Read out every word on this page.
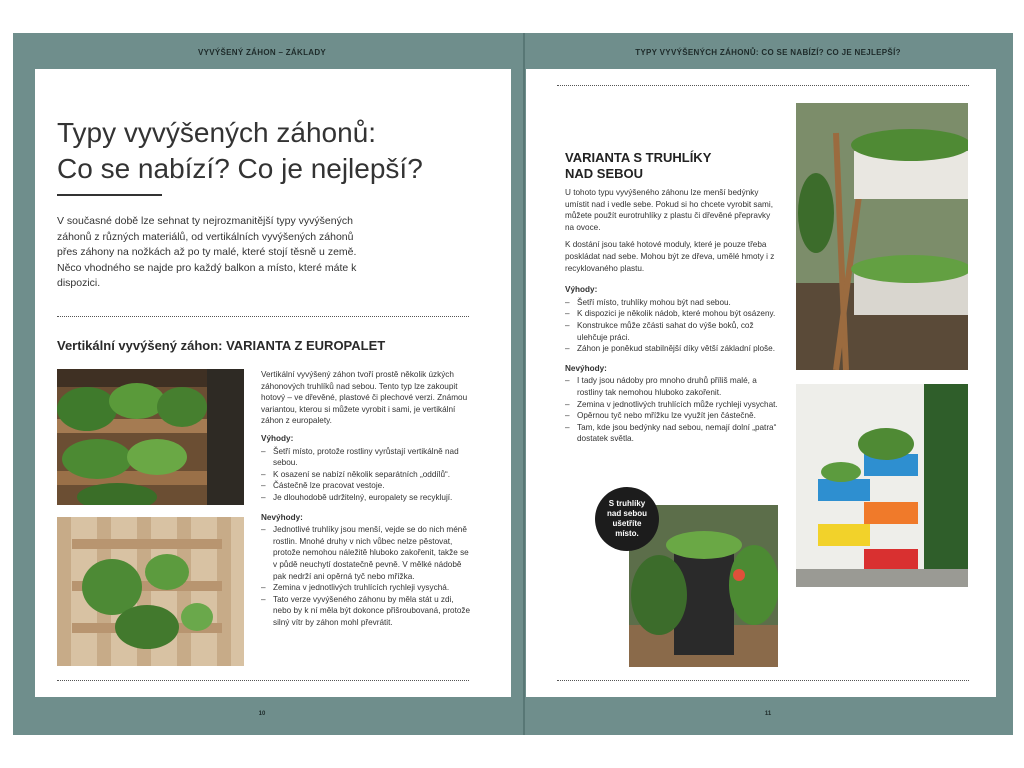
VYVÝŠENÝ ZÁHON – ZÁKLADY	TYPY VYVÝŠENÝCH ZÁHONŮ: CO SE NABÍZÍ? CO JE NEJLEPŠÍ?
10	11
Typy vyvýšených záhonů:
Co se nabízí? Co je nejlepší?
V současné době lze sehnat ty nejrozmanitější typy vyvýšených záhonů z různých materiálů, od vertikálních vyvýšených záhonů přes záhony na nožkách až po ty malé, které stojí těsně u země. Něco vhodného se najde pro každý balkon a místo, které máte k dispozici.
Vertikální vyvýšený záhon: VARIANTA Z EUROPALET

Vertikální vyvýšený záhon tvoří prostě několik úzkých záhonových truhlíků nad sebou. Tento typ lze zakoupit hotový – ve dřevěné, plastové či plechové verzi. Známou variantou, kterou si můžete vyrobit i sami, je vertikální záhon z europalety.

Výhody:
– Šetří místo, protože rostliny vyrůstají vertikálně nad sebou.
– K osazení se nabízí několik separátních „oddílů“.
– Částečně lze pracovat vestoje.
– Je dlouhodobě udržitelný, europalety se recyklují.
Nevýhody:
– Jednotlivé truhlíky jsou menší, vejde se do nich méně rostlin. Mnohé druhy v nich vůbec nelze pěstovat, protože nemohou náležitě hluboko zakořenit, takže se v půdě neuchytí dostatečně pevně. V mělké nádobě pak nedrží ani opěrná tyč nebo mřížka.
– Zemina v jednotlivých truhlících rychleji vysychá.
– Tato verze vyvýšeného záhonu by měla stát u zdi, nebo by k ní měla být dokonce přišroubovaná, protože silný vítr by záhon mohl převrátit.
VARIANTA S TRUHLÍKY
NAD SEBOU

U tohoto typu vyvýšeného záhonu lze menší bedýnky umístit nad i vedle sebe. Pokud si ho chcete vyrobit sami, můžete použít eurotruhlíky z plastu či dřevěné přepravky na ovoce.

K dostání jsou také hotové moduly, které je pouze třeba poskládat nad sebe. Mohou být ze dřeva, umělé hmoty i z recyklovaného plastu.

Výhody:
– Šetří místo, truhlíky mohou být nad sebou.
– K dispozici je několik nádob, které mohou být osázeny.
– Konstrukce může zčásti sahat do výše boků, což ulehčuje práci.
– Záhon je poněkud stabilnější díky větší základní ploše.
Nevýhody:
– I tady jsou nádoby pro mnoho druhů příliš malé, a rostliny tak nemohou hluboko zakořenit.
– Zemina v jednotlivých truhlících může rychleji vysychat.
– Opěrnou tyč nebo mřížku lze využít jen částečně.
– Tam, kde jsou bedýnky nad sebou, nemají dolní „patra“ dostatek světla.
S truhlíky nad sebou ušetříte místo.
